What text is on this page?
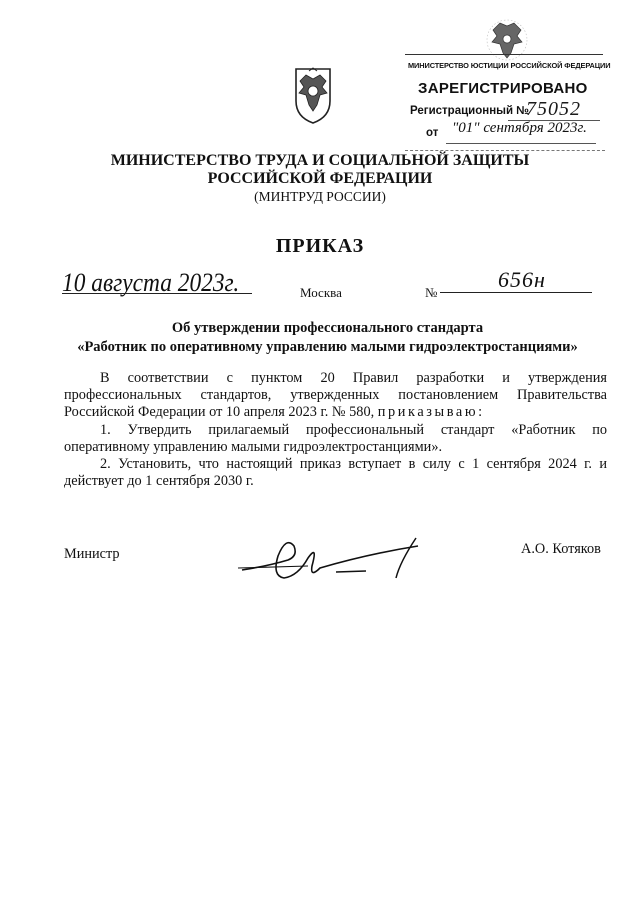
МИНИСТЕРСТВО ЮСТИЦИИ РОССИЙСКОЙ ФЕДЕРАЦИИ
ЗАРЕГИСТРИРОВАНО
Регистрационный №
75052
от "01" сентября 2023г.
МИНИСТЕРСТВО ТРУДА И СОЦИАЛЬНОЙ ЗАЩИТЫ
РОССИЙСКОЙ ФЕДЕРАЦИИ
(МИНТРУД РОССИИ)
ПРИКАЗ
10 августа 2023г.	Москва	№
656н
Об утверждении профессионального стандарта
«Работник по оперативному управлению малыми гидроэлектростанциями»

В соответствии с пунктом 20 Правил разработки и утверждения профессиональных стандартов, утвержденных постановлением Правительства Российской Федерации от 10 апреля 2023 г. № 580, приказываю:

1. Утвердить прилагаемый профессиональный стандарт «Работник по оперативному управлению малыми гидроэлектростанциями».

2. Установить, что настоящий приказ вступает в силу с 1 сентября 2024 г. и действует до 1 сентября 2030 г.

Министр	А.О. Котяков
